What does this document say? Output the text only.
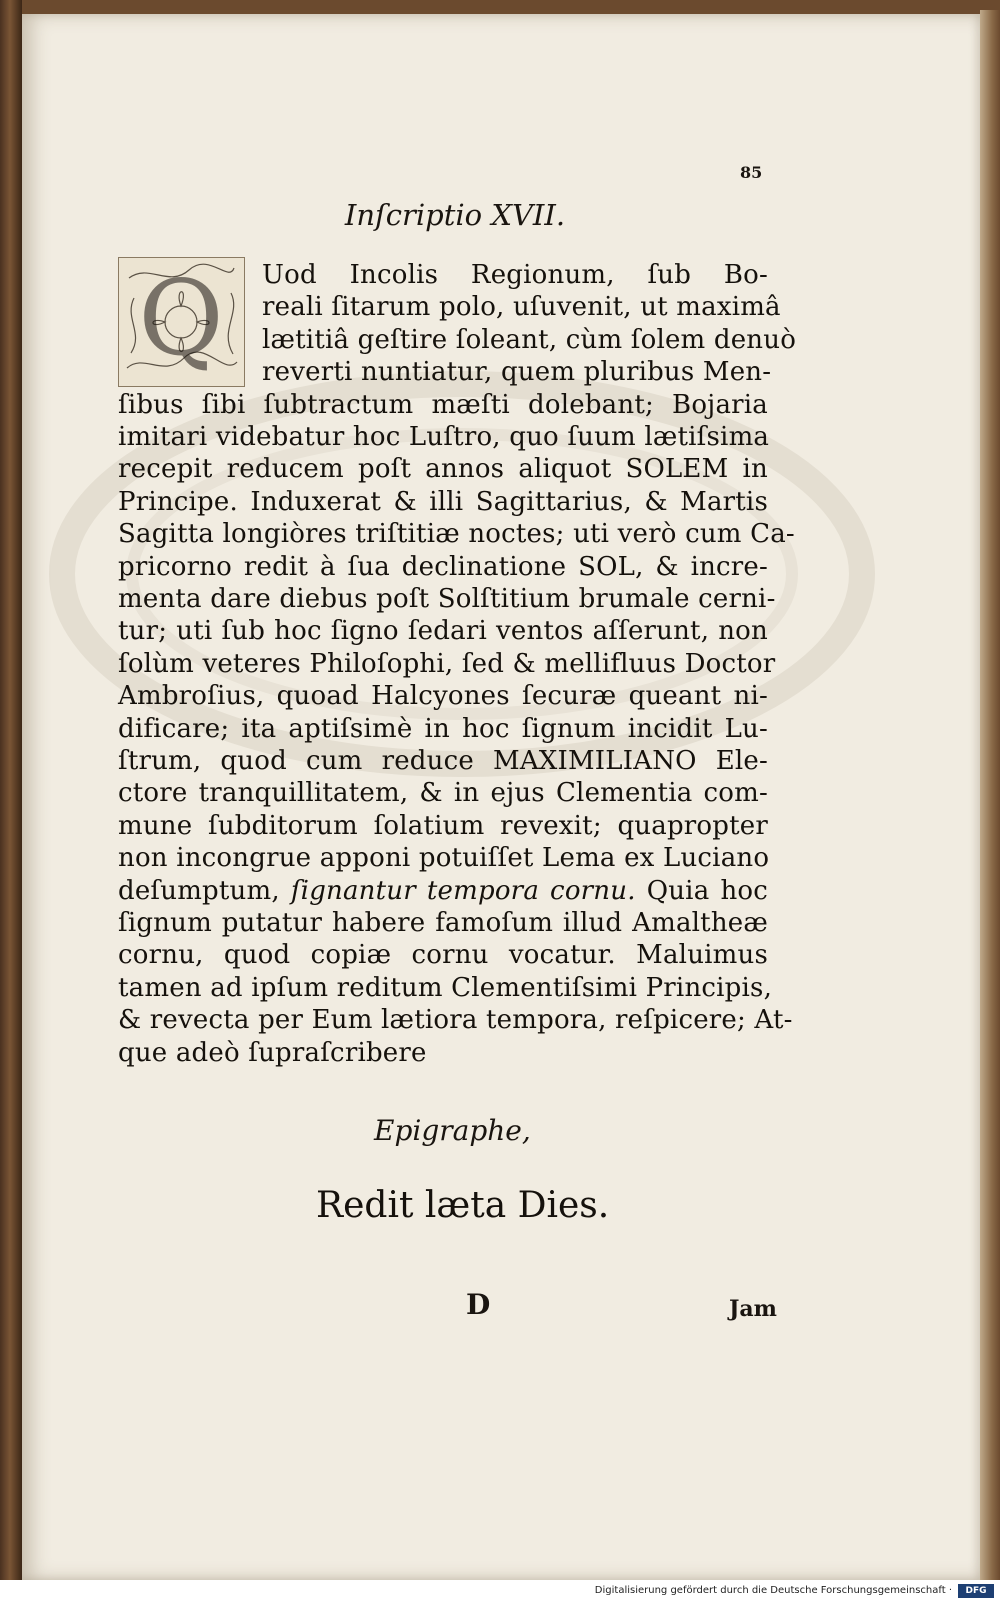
85
Inſcriptio XVII.
Q Uod Incolis Regionum, ſub Bo-
reali ſitarum polo, uſuvenit, ut maximâ
lætitiâ geſtire ſoleant, cùm ſolem denuò
reverti nuntiatur, quem pluribus Men-
ſibus ſibi ſubtractum mæſti dolebant; Bojaria
imitari videbatur hoc Luſtro, quo ſuum lætiſsima
recepit reducem poſt annos aliquot SOLEM in
Principe. Induxerat & illi Sagittarius, & Martis
Sagitta longiòres triſtitiæ noctes; uti verò cum Ca-
pricorno redit à ſua declinatione SOL, & incre-
menta dare diebus poſt Solſtitium brumale cerni-
tur; uti ſub hoc ſigno ſedari ventos aſſerunt, non
ſolùm veteres Philoſophi, ſed & mellifluus Doctor
Ambroſius, quoad Halcyones ſecuræ queant ni-
dificare; ita aptiſsimè in hoc ſignum incidit Lu-
ſtrum, quod cum reduce MAXIMILIANO Ele-
ctore tranquillitatem, & in ejus Clementia com-
mune ſubditorum ſolatium revexit; quapropter
non incongrue apponi potuiſſet Lema ex Luciano
deſumptum, ſignantur tempora cornu. Quia hoc
ſignum putatur habere famoſum illud Amaltheæ
cornu, quod copiæ cornu vocatur. Maluimus
tamen ad ipſum reditum Clementiſsimi Principis,
& revecta per Eum lætiora tempora, reſpicere; At-
que adeò ſupraſcribere
Epigraphe,
Redit læta Dies.
D	Jam
Digitalisierung gefördert durch die Deutsche Forschungsgemeinschaft ·	DFG
